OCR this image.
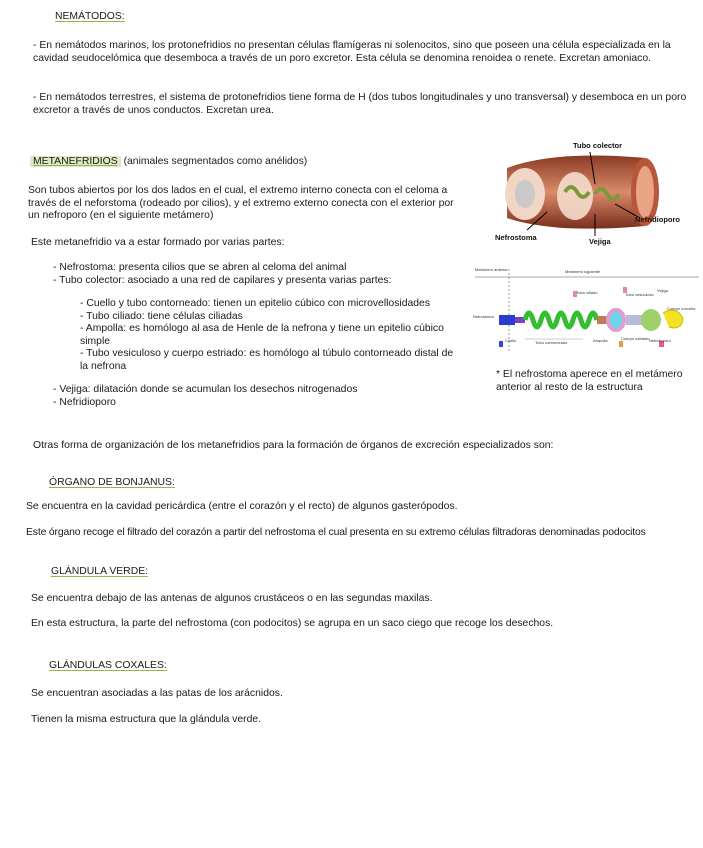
NEMÁTODOS:
- En nemátodos marinos, los protonefridios no presentan células flamígeras ni solenocitos, sino que poseen una célula especializada en la cavidad seudocelómica que desemboca a través de un poro excretor. Esta célula se denomina renoidea o renete. Excretan amoniaco.
- En nemátodos terrestres, el sistema de protonefridios tiene forma de H (dos tubos longitudinales y uno transversal) y desemboca en un poro excretor a través de unos conductos. Excretan urea.
METANEFRIDIOS (animales segmentados como anélidos)
Son tubos abiertos por los dos lados en el cual, el extremo interno conecta con el celoma a través de el neforstoma (rodeado por cilios), y el extremo externo conecta con el exterior por un nefroporo (en el siguiente metámero)
Este metanefridio va a estar formado por varias partes:
- Nefrostoma: presenta cilios que se abren al celoma del animal
- Tubo colector: asociado a una red de capilares y presenta varias partes:
- Cuello y tubo contorneado: tienen un epitelio cúbico con microvellosidades
- Tubo ciliado: tiene células ciliadas
- Ampolla: es homólogo al asa de Henle de la nefrona y tiene un epitelio cúbico simple
- Tubo vesiculoso y cuerpo estriado: es homólogo al túbulo contorneado distal de la nefrona
- Vejiga: dilatación donde se acumulan los desechos nitrogenados
- Nefridioporo
Tubo colector
Nefridioporo
Nefrostoma	Vejiga
Metámero anterior	Metámero siguiente
Nefrostoma
Cuello	Tubo contorneado
Tubo ciliado	Tubo vesiculoso
Ampolla	Cuerpo estriado
Vejiga
Cuerpo excretor
Nefridioporo
* El nefrostoma aperece en el metámero anterior al resto de la estructura
Otras forma de organización de los metanefridios para la formación de órganos de excreción especializados son:
ÓRGANO DE BONJANUS:
Se encuentra en la cavidad pericárdica (entre el corazón y el recto) de algunos gasterópodos.
Este órgano recoge el filtrado del corazón a partir del nefrostoma el cual presenta en su extremo células filtradoras denominadas podocitos
GLÁNDULA VERDE:
Se encuentra debajo de las antenas de algunos crustáceos o en las segundas maxilas.
En esta estructura, la parte del nefrostoma (con podocitos) se agrupa en un saco ciego que recoge los desechos.
GLÁNDULAS COXALES:
Se encuentran asociadas a las patas de los arácnidos.
Tienen la misma estructura que la glándula verde.
